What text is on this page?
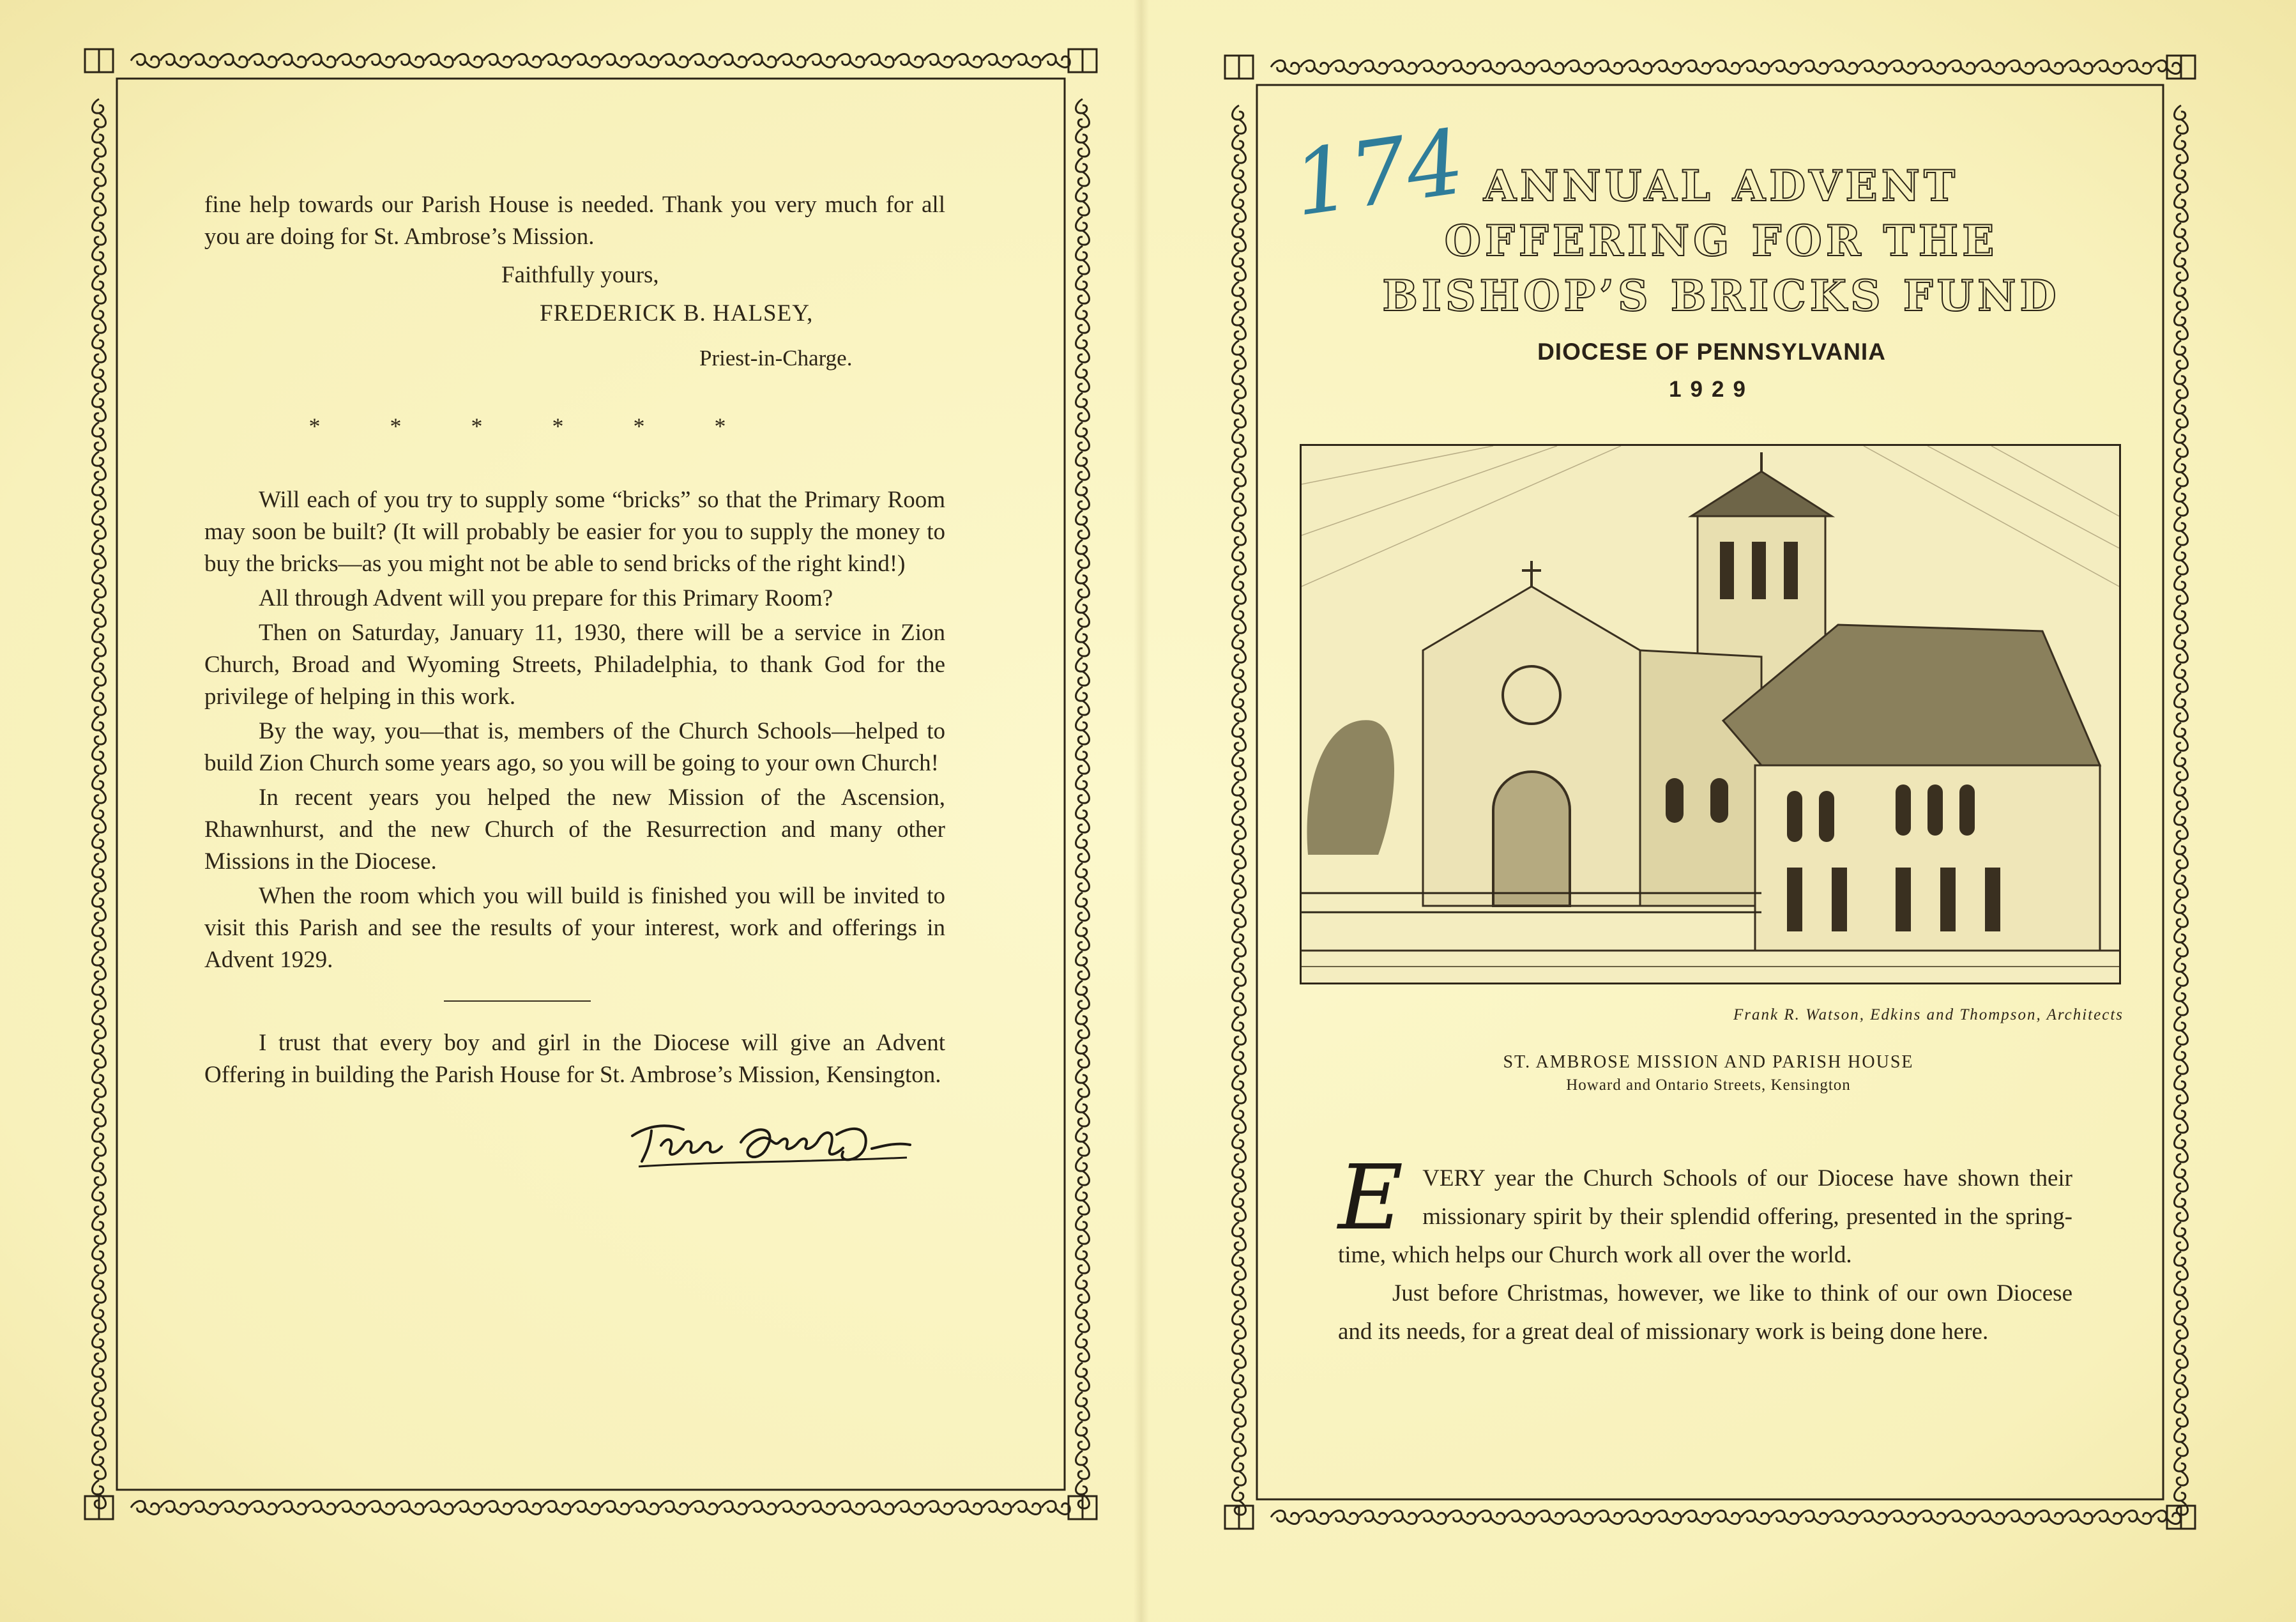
fine help towards our Parish House is needed. Thank you very much for all you are doing for St. Ambrose’s Mission.

Faithfully yours,
FREDERICK B. HALSEY,
Priest-in-Charge.
* * * * * *

Will each of you try to supply some “bricks” so that the Primary Room may soon be built? (It will probably be easier for you to supply the money to buy the bricks—as you might not be able to send bricks of the right kind!)

All through Advent will you prepare for this Primary Room?

Then on Saturday, January 11, 1930, there will be a service in Zion Church, Broad and Wyoming Streets, Philadelphia, to thank God for the privilege of helping in this work.

By the way, you—that is, members of the Church Schools—helped to build Zion Church some years ago, so you will be going to your own Church!

In recent years you helped the new Mission of the Ascension, Rhawnhurst, and the new Church of the Resurrection and many other Missions in the Diocese.

When the room which you will build is finished you will be invited to visit this Parish and see the results of your interest, work and offerings in Advent 1929.

I trust that every boy and girl in the Diocese will give an Advent Offering in building the Parish House for St. Ambrose’s Mission, Kensington.

174 ANNUAL ADVENT
OFFERING FOR THE
BISHOP’S BRICKS FUND
DIOCESE OF PENNSYLVANIA
1929
Frank R. Watson, Edkins and Thompson, Architects
ST. AMBROSE MISSION AND PARISH HOUSE
Howard and Ontario Streets, Kensington
E VERY year the Church Schools of our Diocese have shown their missionary spirit by their splendid offering, presented in the spring-time, which helps our Church work all over the world.

Just before Christmas, however, we like to think of our own Diocese and its needs, for a great deal of missionary work is being done here.
